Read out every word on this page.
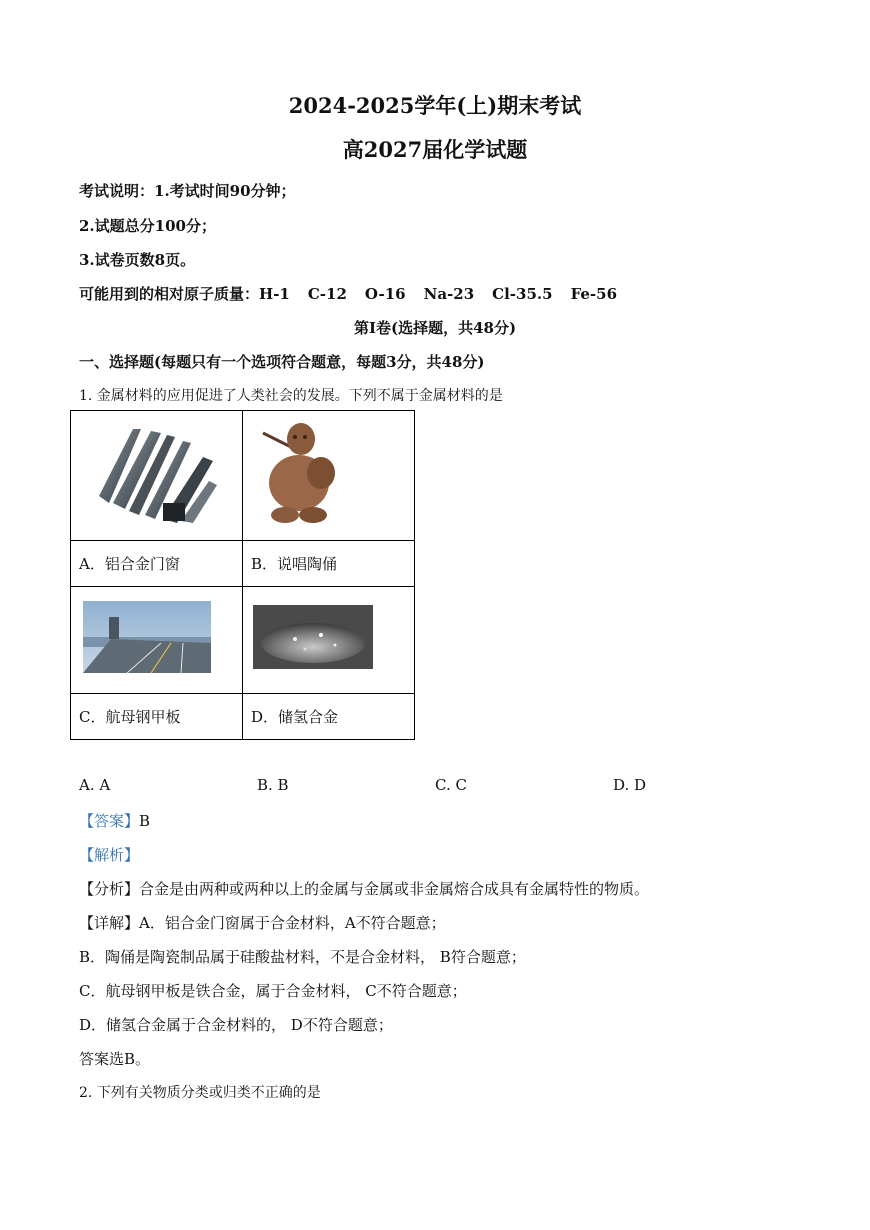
2024-2025学年(上)期末考试
高2027届化学试题
考试说明：1.考试时间90分钟；
2.试题总分100分；
3.试卷页数8页。
可能用到的相对原子质量：H-1 C-12 O-16 Na-23 Cl-35.5 Fe-56
第I卷(选择题，共48分)
一、选择题(每题只有一个选项符合题意，每题3分，共48分)
1. 金属材料的应用促进了人类社会的发展。下列不属于金属材料的是

A．铝合金门窗	B．说唱陶俑

C．航母钢甲板	D．储氢合金
A. A	B. B	C. C	D. D
【答案】B
【解析】
【分析】合金是由两种或两种以上的金属与金属或非金属熔合成具有金属特性的物质。
【详解】A．铝合金门窗属于合金材料，A不符合题意；
B．陶俑是陶瓷制品属于硅酸盐材料，不是合金材料， B符合题意；
C．航母钢甲板是铁合金，属于合金材料， C不符合题意；
D．储氢合金属于合金材料的， D不符合题意；
答案选B。
2. 下列有关物质分类或归类不正确的是
